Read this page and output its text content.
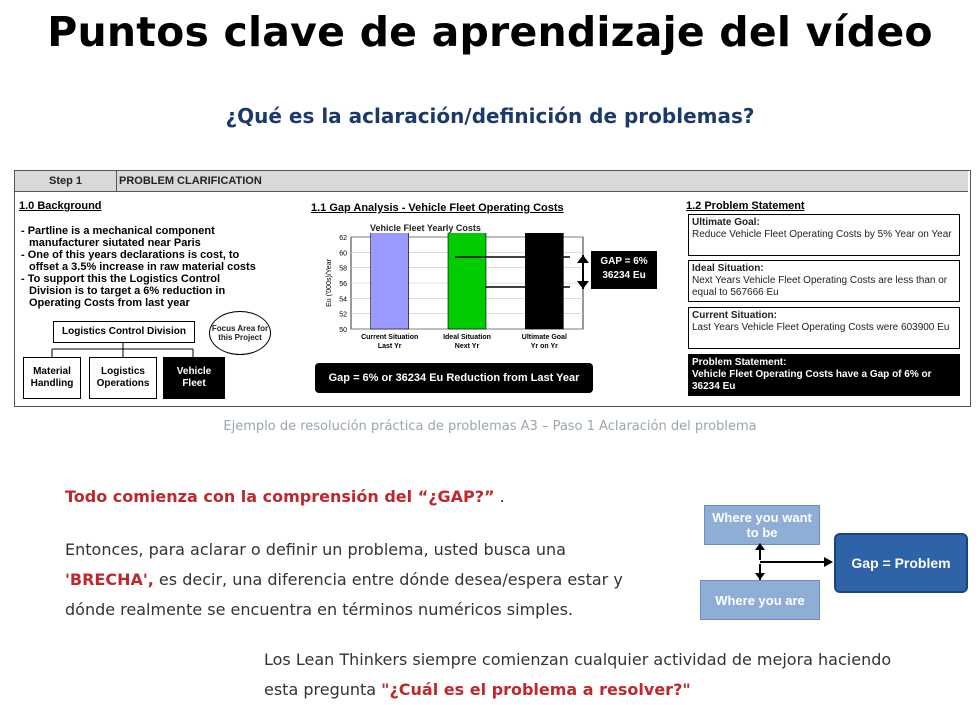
Puntos clave de aprendizaje del vídeo
¿Qué es la aclaración/definición de problemas?
Step 1	PROBLEM CLARIFICATION
1.0 Background
- Partline is a mechanical component
manufacturer siutated near Paris
- One of this years declarations is cost, to
offset a 3.5% increase in raw material costs
- To support this the Logistics Control
Division is to target a 6% reduction in
Operating Costs from last year
Logistics Control Division
Material Handling
Logistics Operations
Vehicle Fleet
Focus Area for this Project
1.1 Gap Analysis - Vehicle Fleet Operating Costs
Vehicle Fleet Yearly Costs
50
52
54
56
58
60
62
Eu ('000s)/Year
Current Situation
Last Yr
Ideal Situation
Next Yr
Ultimate Goal
Yr on Yr
GAP = 6%
36234 Eu
Gap = 6% or 36234 Eu Reduction from Last Year
1.2 Problem Statement
Ultimate Goal:
Reduce Vehicle Fleet Operating Costs by 5% Year on Year
Ideal Situation:
Next Years Vehicle Fleet Operating Costs are less than or equal to 567666 Eu
Current Situation:
Last Years Vehicle Fleet Operating Costs were 603900 Eu
Problem Statement:
Vehicle Fleet Operating Costs have a Gap of 6% or 36234 Eu
Ejemplo de resolución práctica de problemas A3 – Paso 1 Aclaración del problema
Todo comienza con la comprensión del “¿GAP?” .
Entonces, para aclarar o definir un problema, usted busca una 'BRECHA', es decir, una diferencia entre dónde desea/espera estar y dónde realmente se encuentra en términos numéricos simples.
Where you want to be
Where you are
Gap = Problem
Los Lean Thinkers siempre comienzan cualquier actividad de mejora haciendo esta pregunta "¿Cuál es el problema a resolver?"
